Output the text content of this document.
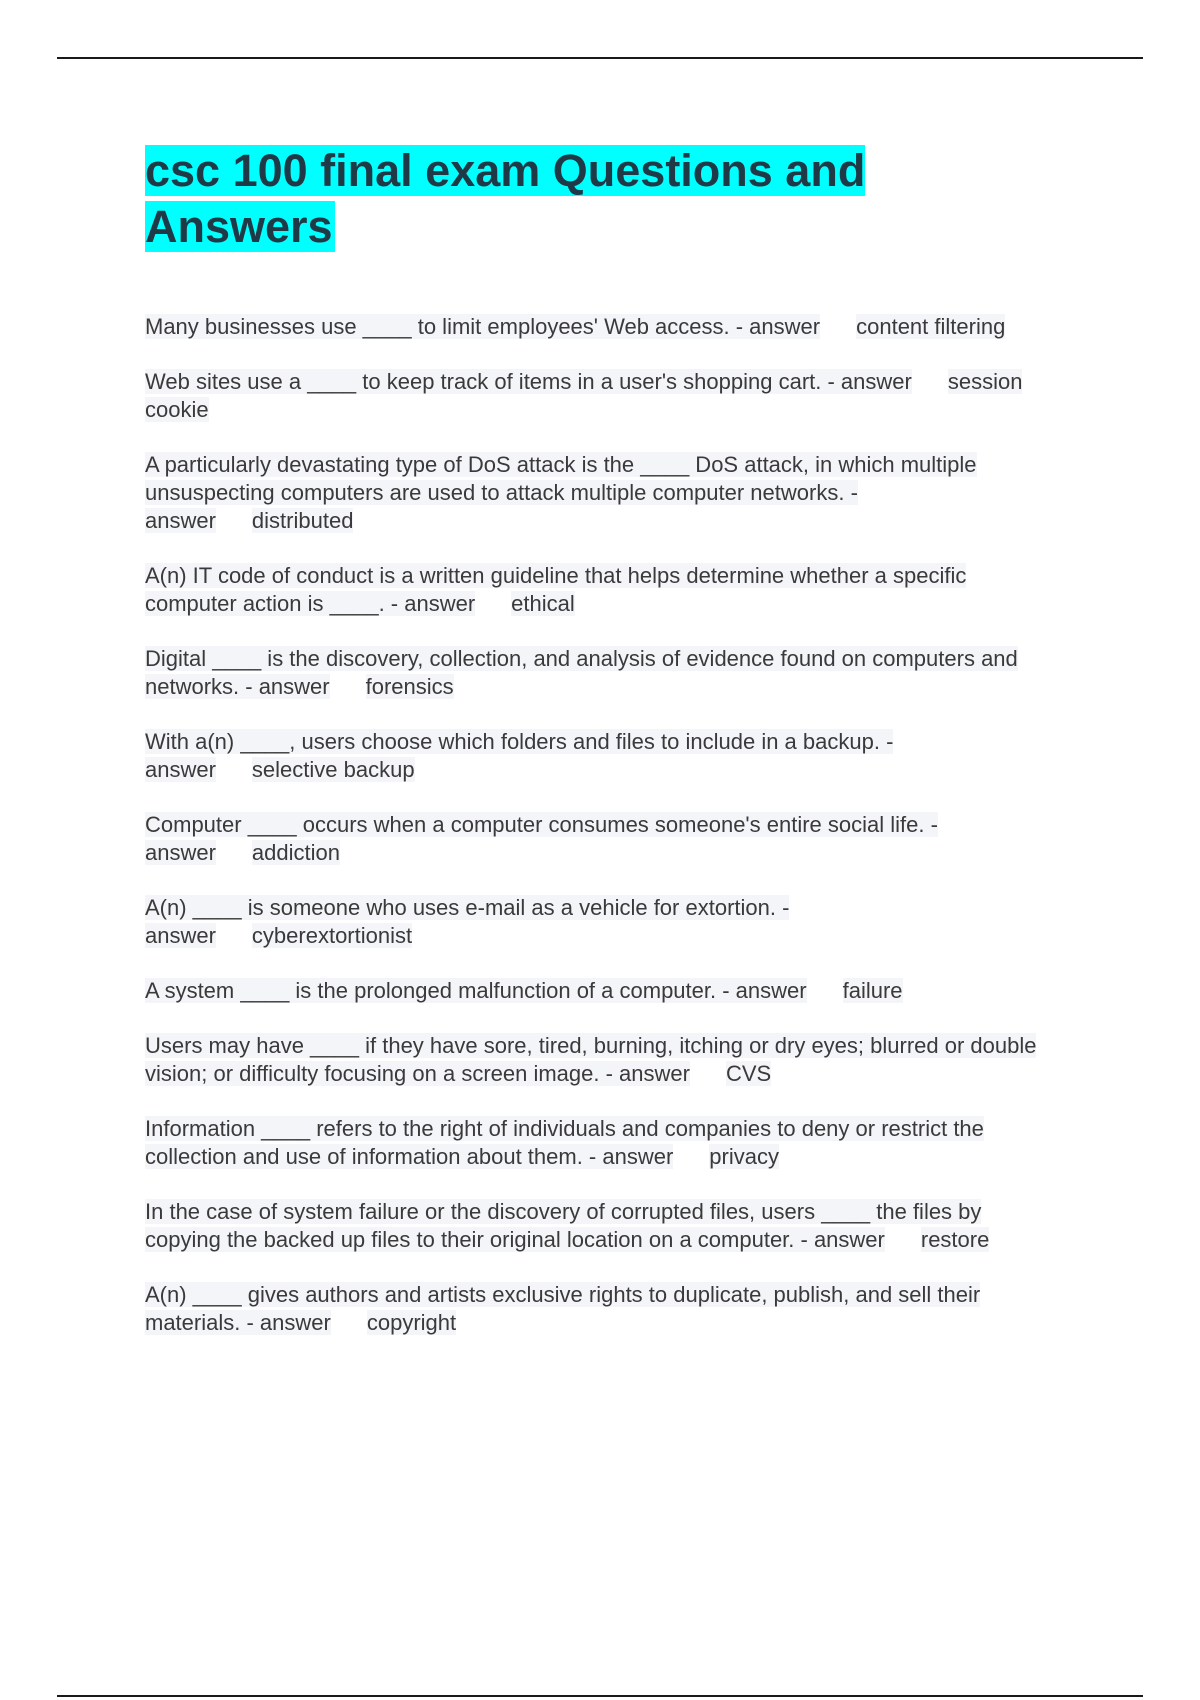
csc 100 final exam Questions and Answers

Many businesses use ____ to limit employees' Web access. - answer content filtering

Web sites use a ____ to keep track of items in a user's shopping cart. - answer session cookie

A particularly devastating type of DoS attack is the ____ DoS attack, in which multiple unsuspecting computers are used to attack multiple computer networks. - answer distributed

A(n) IT code of conduct is a written guideline that helps determine whether a specific computer action is ____. - answer ethical

Digital ____ is the discovery, collection, and analysis of evidence found on computers and networks. - answer forensics

With a(n) ____, users choose which folders and files to include in a backup. - answer selective backup

Computer ____ occurs when a computer consumes someone's entire social life. - answer addiction

A(n) ____ is someone who uses e-mail as a vehicle for extortion. - answer cyberextortionist

A system ____ is the prolonged malfunction of a computer. - answer failure

Users may have ____ if they have sore, tired, burning, itching or dry eyes; blurred or double vision; or difficulty focusing on a screen image. - answer CVS

Information ____ refers to the right of individuals and companies to deny or restrict the collection and use of information about them. - answer privacy

In the case of system failure or the discovery of corrupted files, users ____ the files by copying the backed up files to their original location on a computer. - answer restore

A(n) ____ gives authors and artists exclusive rights to duplicate, publish, and sell their materials. - answer copyright
